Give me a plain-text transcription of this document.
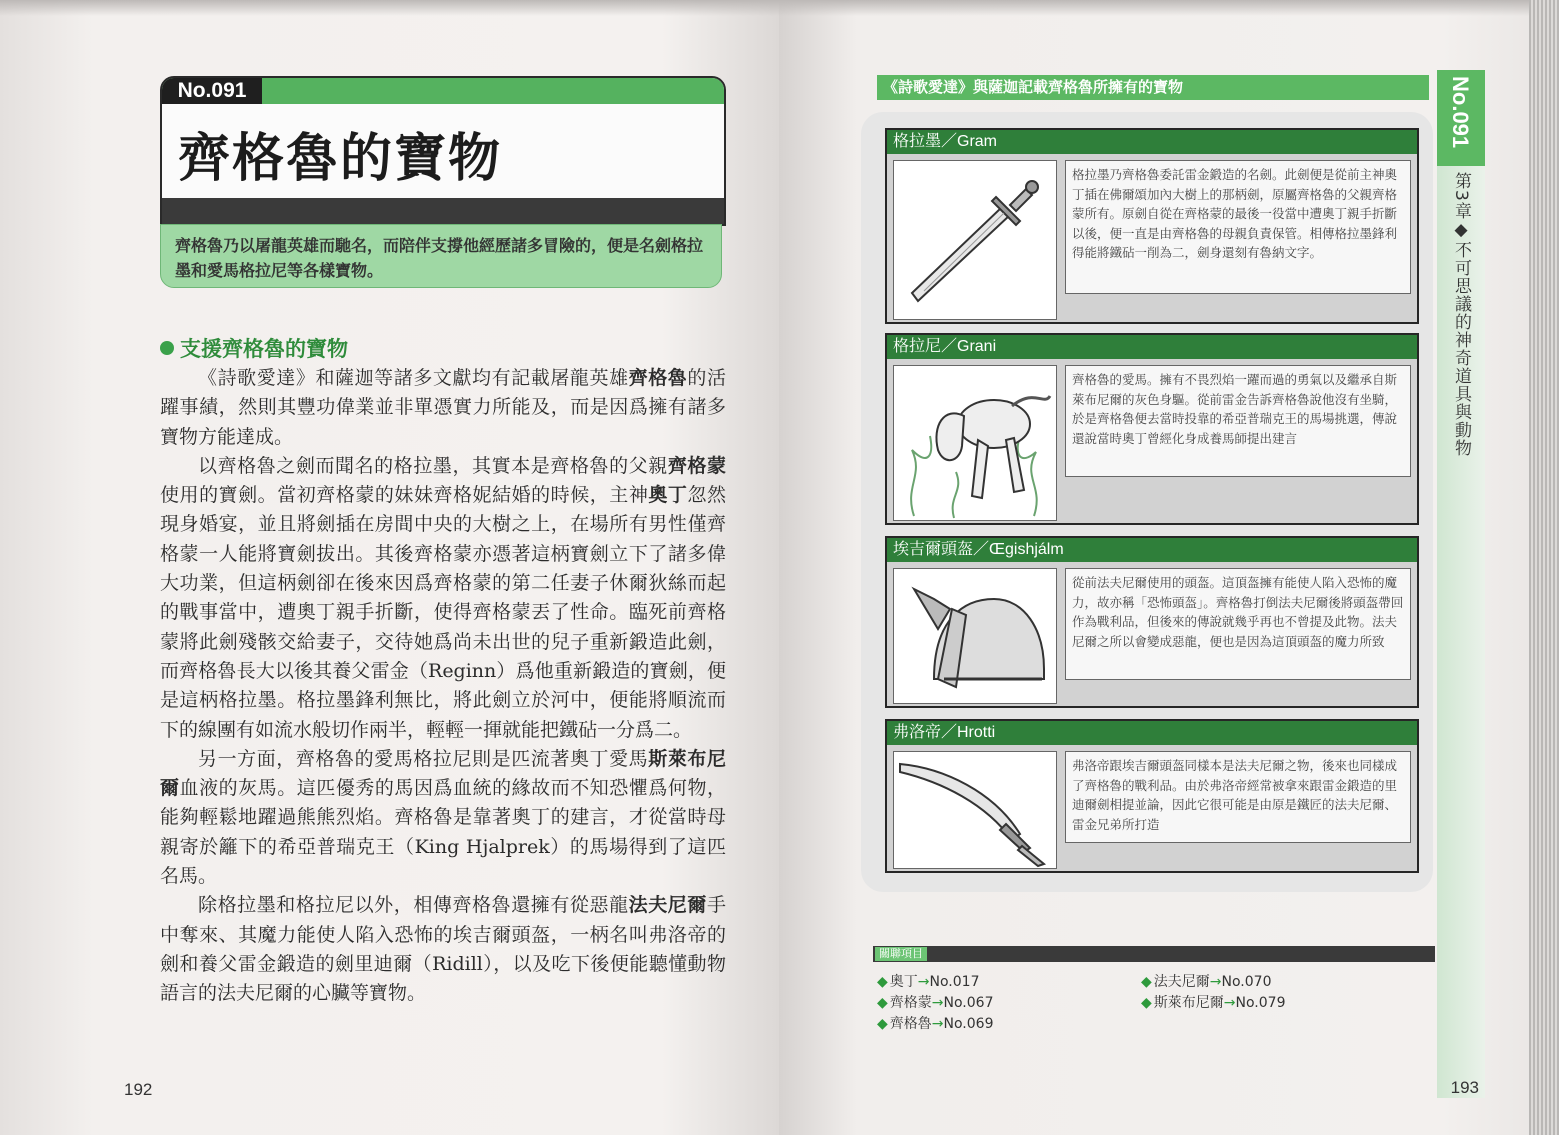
No.091
齊格魯的寶物
齊格魯乃以屠龍英雄而馳名，而陪伴支撐他經歷諸多冒險的，便是名劍格拉墨和愛馬格拉尼等各樣寶物。
支援齊格魯的寶物

《詩歌愛達》和薩迦等諸多文獻均有記載屠龍英雄齊格魯的活躍事績，然則其豐功偉業並非單憑實力所能及，而是因爲擁有諸多寶物方能達成。

以齊格魯之劍而聞名的格拉墨，其實本是齊格魯的父親齊格蒙使用的寶劍。當初齊格蒙的妹妹齊格妮結婚的時候，主神奧丁忽然現身婚宴，並且將劍插在房間中央的大樹之上，在場所有男性僅齊格蒙一人能將寶劍拔出。其後齊格蒙亦憑著這柄寶劍立下了諸多偉大功業，但這柄劍卻在後來因爲齊格蒙的第二任妻子休爾狄絲而起的戰事當中，遭奧丁親手折斷，使得齊格蒙丟了性命。臨死前齊格蒙將此劍殘骸交給妻子，交待她爲尚未出世的兒子重新鍛造此劍，而齊格魯長大以後其養父雷金（Reginn）爲他重新鍛造的寶劍，便是這柄格拉墨。格拉墨鋒利無比，將此劍立於河中，便能將順流而下的線團有如流水般切作兩半，輕輕一揮就能把鐵砧一分爲二。

另一方面，齊格魯的愛馬格拉尼則是匹流著奧丁愛馬斯萊布尼爾血液的灰馬。這匹優秀的馬因爲血統的緣故而不知恐懼爲何物，能夠輕鬆地躍過熊熊烈焰。齊格魯是靠著奧丁的建言，才從當時母親寄於籬下的希亞普瑞克王（King Hjalprek）的馬場得到了這匹名馬。

除格拉墨和格拉尼以外，相傳齊格魯還擁有從惡龍法夫尼爾手中奪來、其魔力能使人陷入恐怖的埃吉爾頭盔，一柄名叫弗洛帝的劍和養父雷金鍛造的劍里迪爾（Ridill），以及吃下後便能聽懂動物語言的法夫尼爾的心臟等寶物。

192
《詩歌愛達》與薩迦記載齊格魯所擁有的寶物
格拉墨／Gram
格拉墨乃齊格魯委託雷金鍛造的名劍。此劍便是從前主神奧丁插在佛爾頌加內大樹上的那柄劍，原屬齊格魯的父親齊格蒙所有。原劍自從在齊格蒙的最後一役當中遭奧丁親手折斷以後，便一直是由齊格魯的母親負責保管。相傳格拉墨鋒利得能將鐵砧一削為二，劍身還刻有魯納文字。
格拉尼／Grani
齊格魯的愛馬。擁有不畏烈焰一躍而過的勇氣以及繼承自斯萊布尼爾的灰色身驅。從前雷金告訴齊格魯說他沒有坐騎，於是齊格魯便去當時投靠的希亞普瑞克王的馬場挑選，傳說還說當時奧丁曾經化身成養馬師提出建言
埃吉爾頭盔／Œgishjálm
從前法夫尼爾使用的頭盔。這頂盔擁有能使人陷入恐怖的魔力，故亦稱「恐怖頭盔」。齊格魯打倒法夫尼爾後將頭盔帶回作為戰利品，但後來的傳說就幾乎再也不曾提及此物。法夫尼爾之所以會變成惡龍，便也是因為這頂頭盔的魔力所致
弗洛帝／Hrotti
弗洛帝跟埃吉爾頭盔同樣本是法夫尼爾之物，後來也同樣成了齊格魯的戰利品。由於弗洛帝經常被拿來跟雷金鍛造的里迪爾劍相提並論，因此它很可能是由原是鐵匠的法夫尼爾、雷金兄弟所打造
關聯項目
◆ 奧丁→No.017
◆ 齊格蒙→No.067
◆ 齊格魯→No.069
◆ 法夫尼爾→No.070
◆ 斯萊布尼爾→No.079
No.091
第3章◆不可思議的神奇道具與動物
193
